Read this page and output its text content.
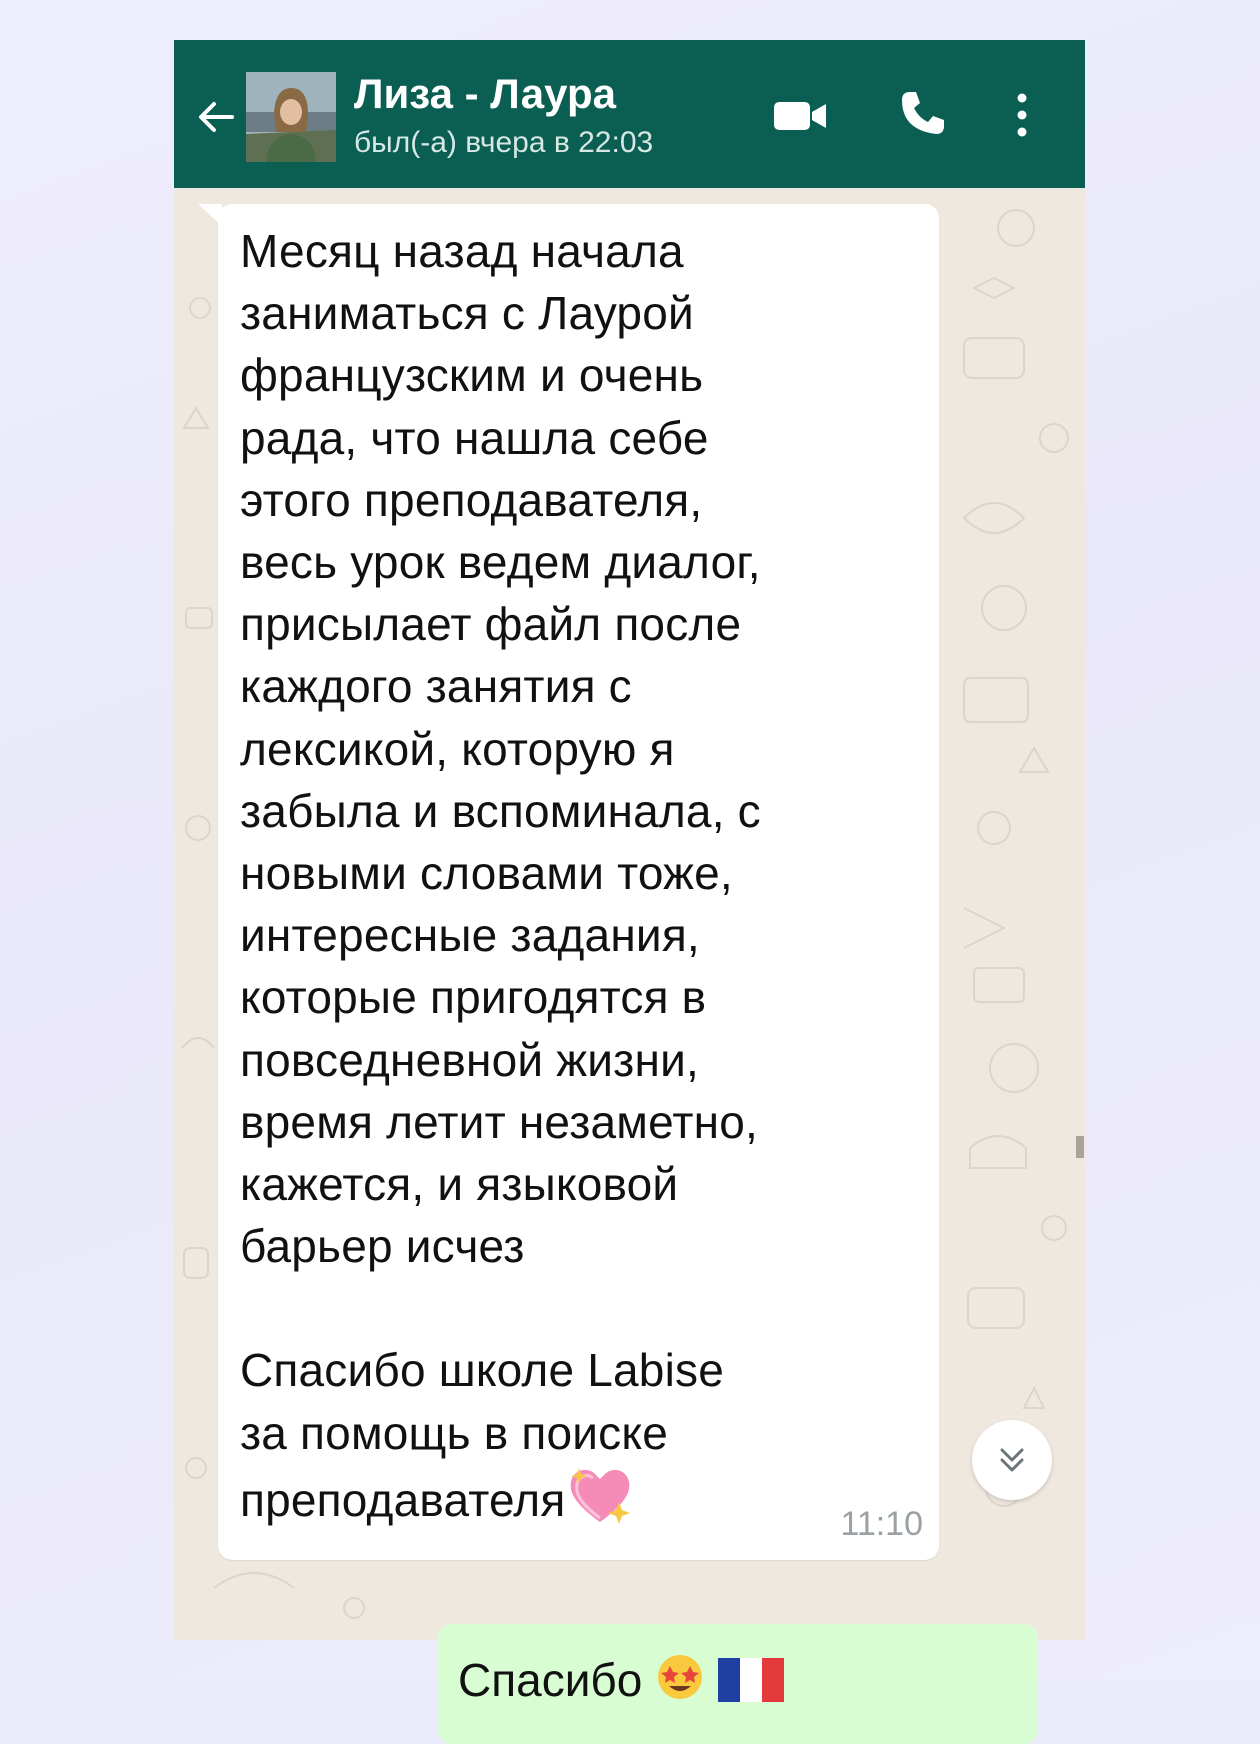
Лиза - Лаура
был(-а) вчера в 22:03

Месяц назад начала
заниматься с Лаурой
французским и очень
рада, что нашла себе
этого преподавателя,
весь урок ведем диалог,
присылает файл после
каждого занятия с
лексикой, которую я
забыла и вспоминала, с
новыми словами тоже,
интересные задания,
которые пригодятся в
повседневной жизни,
время летит незаметно,
кажется, и языковой
барьер исчез

Спасибо школе Labise
за помощь в поиске
преподавателя	11:10
Спасибо
